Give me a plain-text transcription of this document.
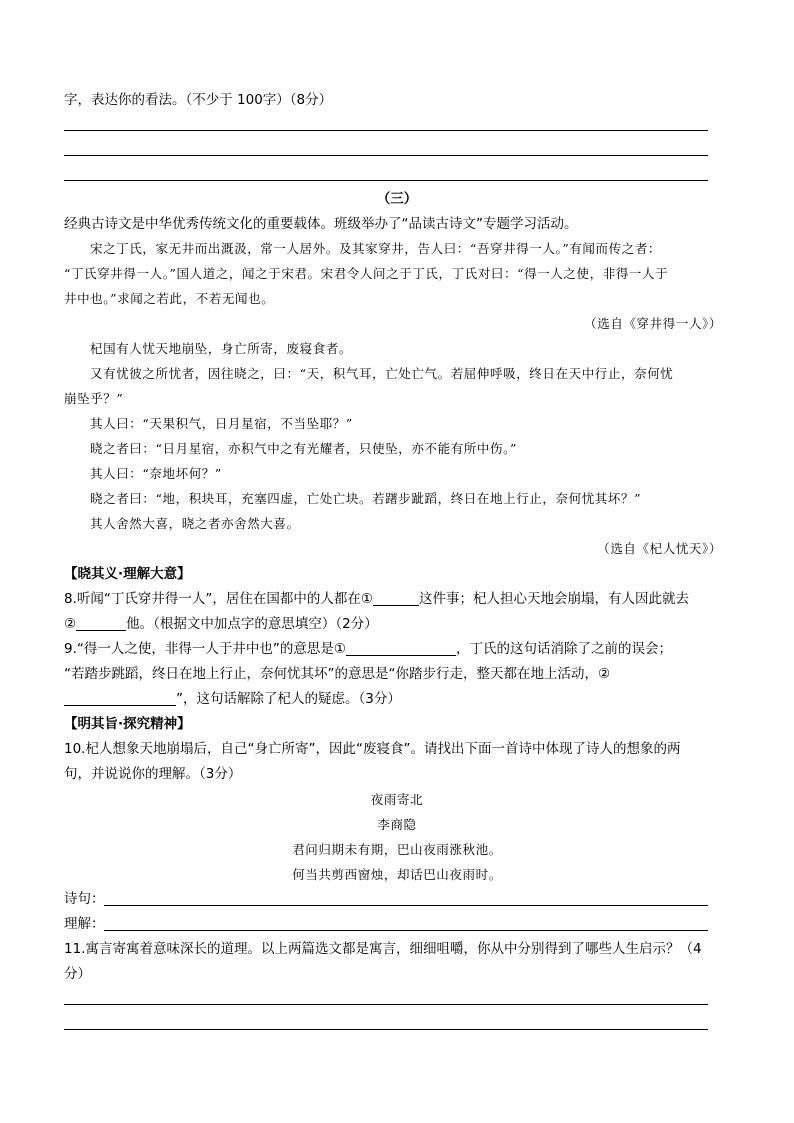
字，表达你的看法。（不少于 100字）（8分）
（三）
经典古诗文是中华优秀传统文化的重要载体。班级举办了“品读古诗文”专题学习活动。
宋之丁氏，家无井而出溉汲，常一人居外。及其家穿井，告人曰：“吾穿井得一人。”有闻而传之者：
“丁氏穿井得一人。”国人道之，闻之于宋君。宋君令人问之于丁氏，丁氏对曰：“得一人之使，非得一人于
井中也。”求闻之若此，不若无闻也。
（选自《穿井得一人》）
杞国有人忧天地崩坠，身亡所寄，废寝食者。
又有忧彼之所忧者，因往晓之，曰：“天，积气耳，亡处亡气。若屈伸呼吸，终日在天中行止，奈何忧
崩坠乎？”
其人曰：“天果积气，日月星宿，不当坠耶？”
晓之者曰：“日月星宿，亦积气中之有光耀者，只使坠，亦不能有所中伤。”
其人曰：“奈地坏何？”
晓之者曰：“地，积块耳，充塞四虚，亡处亡块。若躇步跐蹈，终日在地上行止，奈何忧其坏？”
其人舍然大喜，晓之者亦舍然大喜。
（选自《杞人忧天》）
【晓其义·理解大意】
8.听闻“丁氏穿井得一人”，居住在国都中的人都在①	这件事；杞人担心天地会崩塌，有人因此就去
②	他。（根据文中加点字的意思填空）（2分）
9.“得一人之使，非得一人于井中也”的意思是①	，丁氏的这句话消除了之前的误会；
“若踏步跳蹈，终日在地上行止，奈何忧其坏”的意思是“你踏步行走，整天都在地上活动，②
”，这句话解除了杞人的疑虑。（3分）
【明其旨·探究精神】
10.杞人想象天地崩塌后，自己“身亡所寄”，因此“废寝食”。请找出下面一首诗中体现了诗人的想象的两
句，并说说你的理解。（3分）
夜雨寄北
李商隐
君问归期未有期，巴山夜雨涨秋池。
何当共剪西窗烛，却话巴山夜雨时。
诗句：
理解：
11.寓言寄寓着意味深长的道理。以上两篇选文都是寓言，细细咀嚼，你从中分别得到了哪些人生启示？（4
分）
